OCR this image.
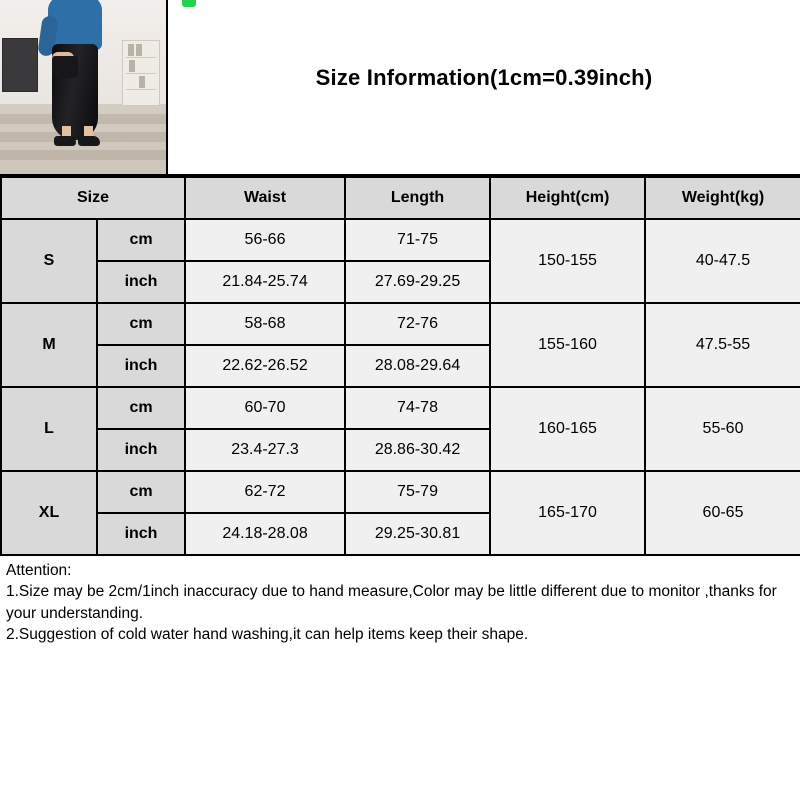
Size Information(1cm=0.39inch)
Size		Waist	Length	Height(cm)	Weight(kg)
S	cm	56-66	71-75	150-155	40-47.5
	inch	21.84-25.74	27.69-29.25		
M	cm	58-68	72-76	155-160	47.5-55
	inch	22.62-26.52	28.08-29.64		
L	cm	60-70	74-78	160-165	55-60
	inch	23.4-27.3	28.86-30.42		
XL	cm	62-72	75-79	165-170	60-65
	inch	24.18-28.08	29.25-30.81		
Attention:
1.Size may be 2cm/1inch inaccuracy due to hand measure,Color may be little different due to monitor ,thanks for your understanding.
2.Suggestion of cold water hand washing,it can help items keep their shape.
